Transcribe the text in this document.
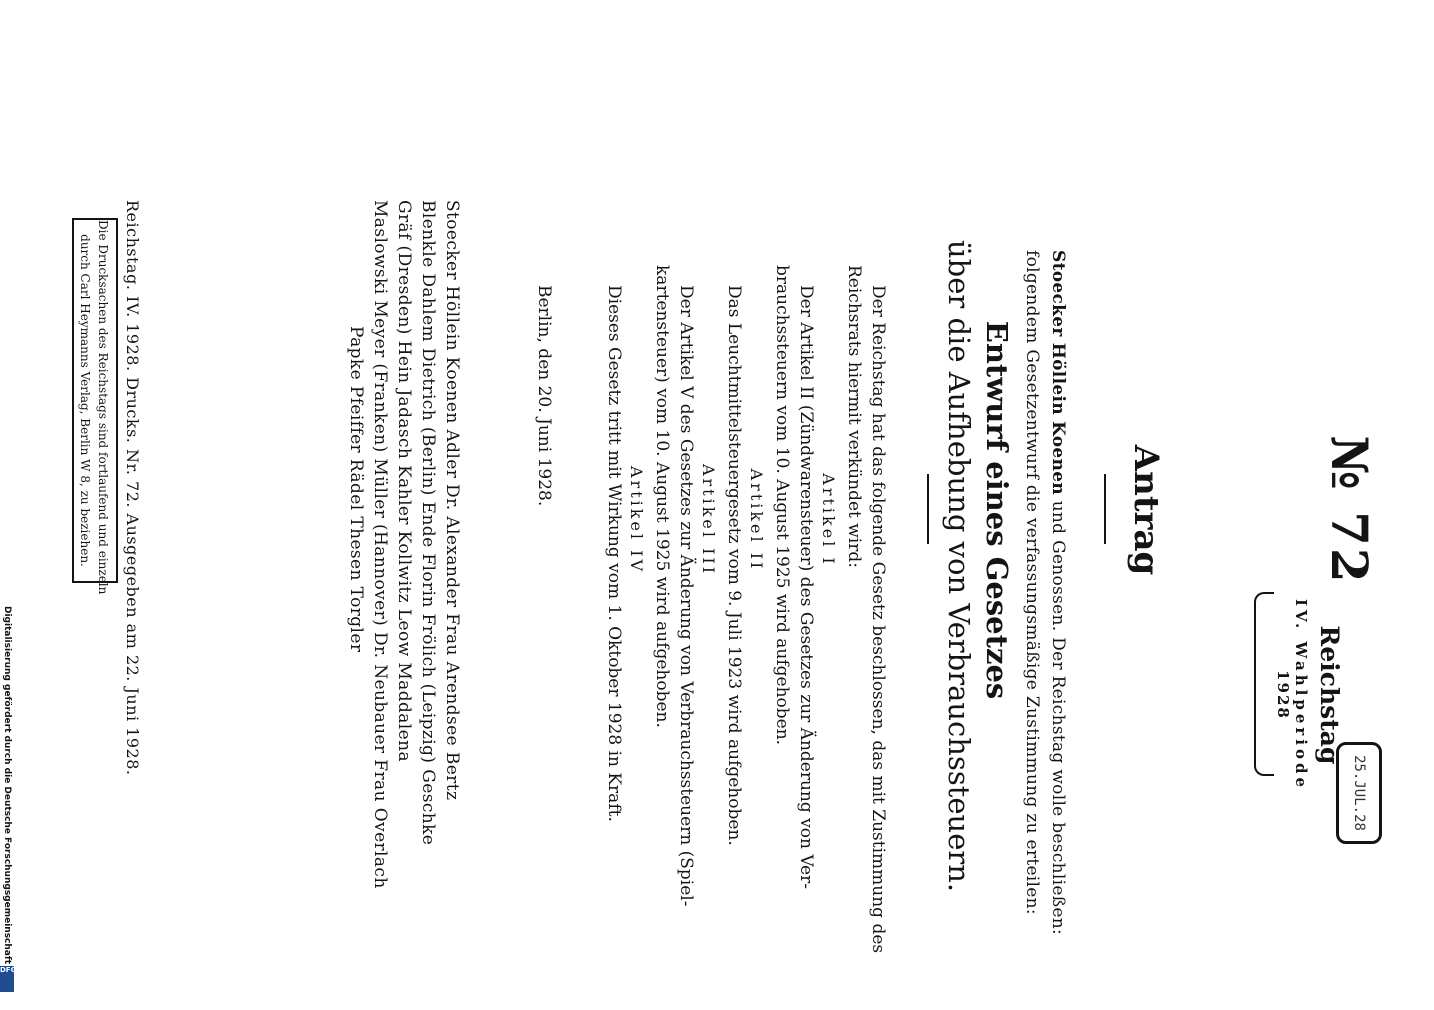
№ 72
Reichstag
IV. Wahlperiode
1928
25.JUL.28
Antrag
Stoecker Höllein Koenen und Genossen. Der Reichstag wolle beschließen:
folgendem Gesetzentwurf die verfassungsmäßige Zustimmung zu erteilen:
Entwurf eines Gesetzes
über die Aufhebung von Verbrauchssteuern.
Der Reichstag hat das folgende Gesetz beschlossen, das mit Zustimmung des
Reichsrats hiermit verkündet wird:
Artikel I
Der Artikel II (Zündwarensteuer) des Gesetzes zur Änderung von Ver-
brauchssteuern vom 10. August 1925 wird aufgehoben.
Artikel II
Das Leuchtmittelsteuergesetz vom 9. Juli 1923 wird aufgehoben.
Artikel III
Der Artikel V des Gesetzes zur Änderung von Verbrauchssteuern (Spiel-
kartensteuer) vom 10. August 1925 wird aufgehoben.
Artikel IV
Dieses Gesetz tritt mit Wirkung vom 1. Oktober 1928 in Kraft.
Berlin, den 20. Juni 1928.
Stoecker Höllein Koenen Adler Dr. Alexander Frau Arendsee Bertz
Blenkle Dahlem Dietrich (Berlin) Ende Florin Frölich (Leipzig) Geschke
Gräf (Dresden) Hein Jadasch Kahler Kollwitz Leow Maddalena
Maslowski Meyer (Franken) Müller (Hannover) Dr. Neubauer Frau Overlach
Papke Pfeiffer Rädel Thesen Torgler
Reichstag. IV. 1928. Drucks. Nr. 72. Ausgegeben am 22. Juni 1928.
Die Drucksachen des Reichstags sind fortlaufend und einzeln
durch Carl Heymanns Verlag, Berlin W 8, zu beziehen.
Digitalisierung gefördert durch die Deutsche Forschungsgemeinschaft
DFG
